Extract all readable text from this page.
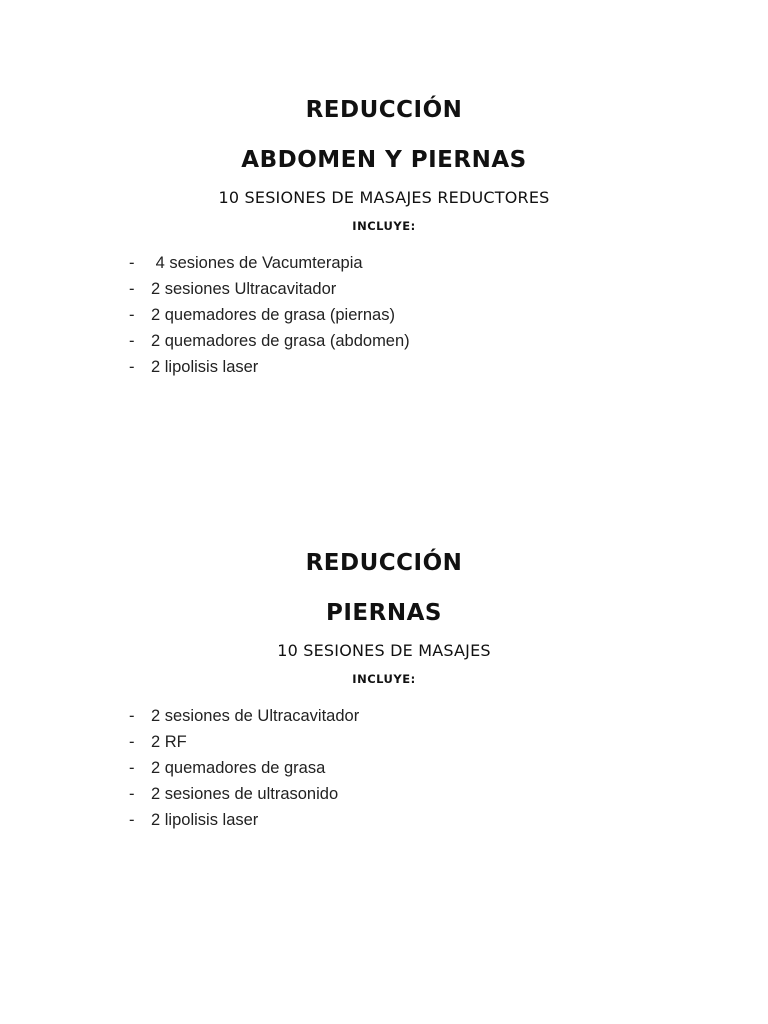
REDUCCIÓN
ABDOMEN Y PIERNAS
10 SESIONES DE MASAJES REDUCTORES
INCLUYE:
- 4 sesiones de Vacumterapia
- 2 sesiones Ultracavitador
- 2 quemadores de grasa (piernas)
- 2 quemadores de grasa (abdomen)
- 2 lipolisis laser
REDUCCIÓN
PIERNAS
10 SESIONES DE MASAJES
INCLUYE:
- 2 sesiones de Ultracavitador
- 2 RF
- 2 quemadores de grasa
- 2 sesiones de ultrasonido
- 2 lipolisis laser
